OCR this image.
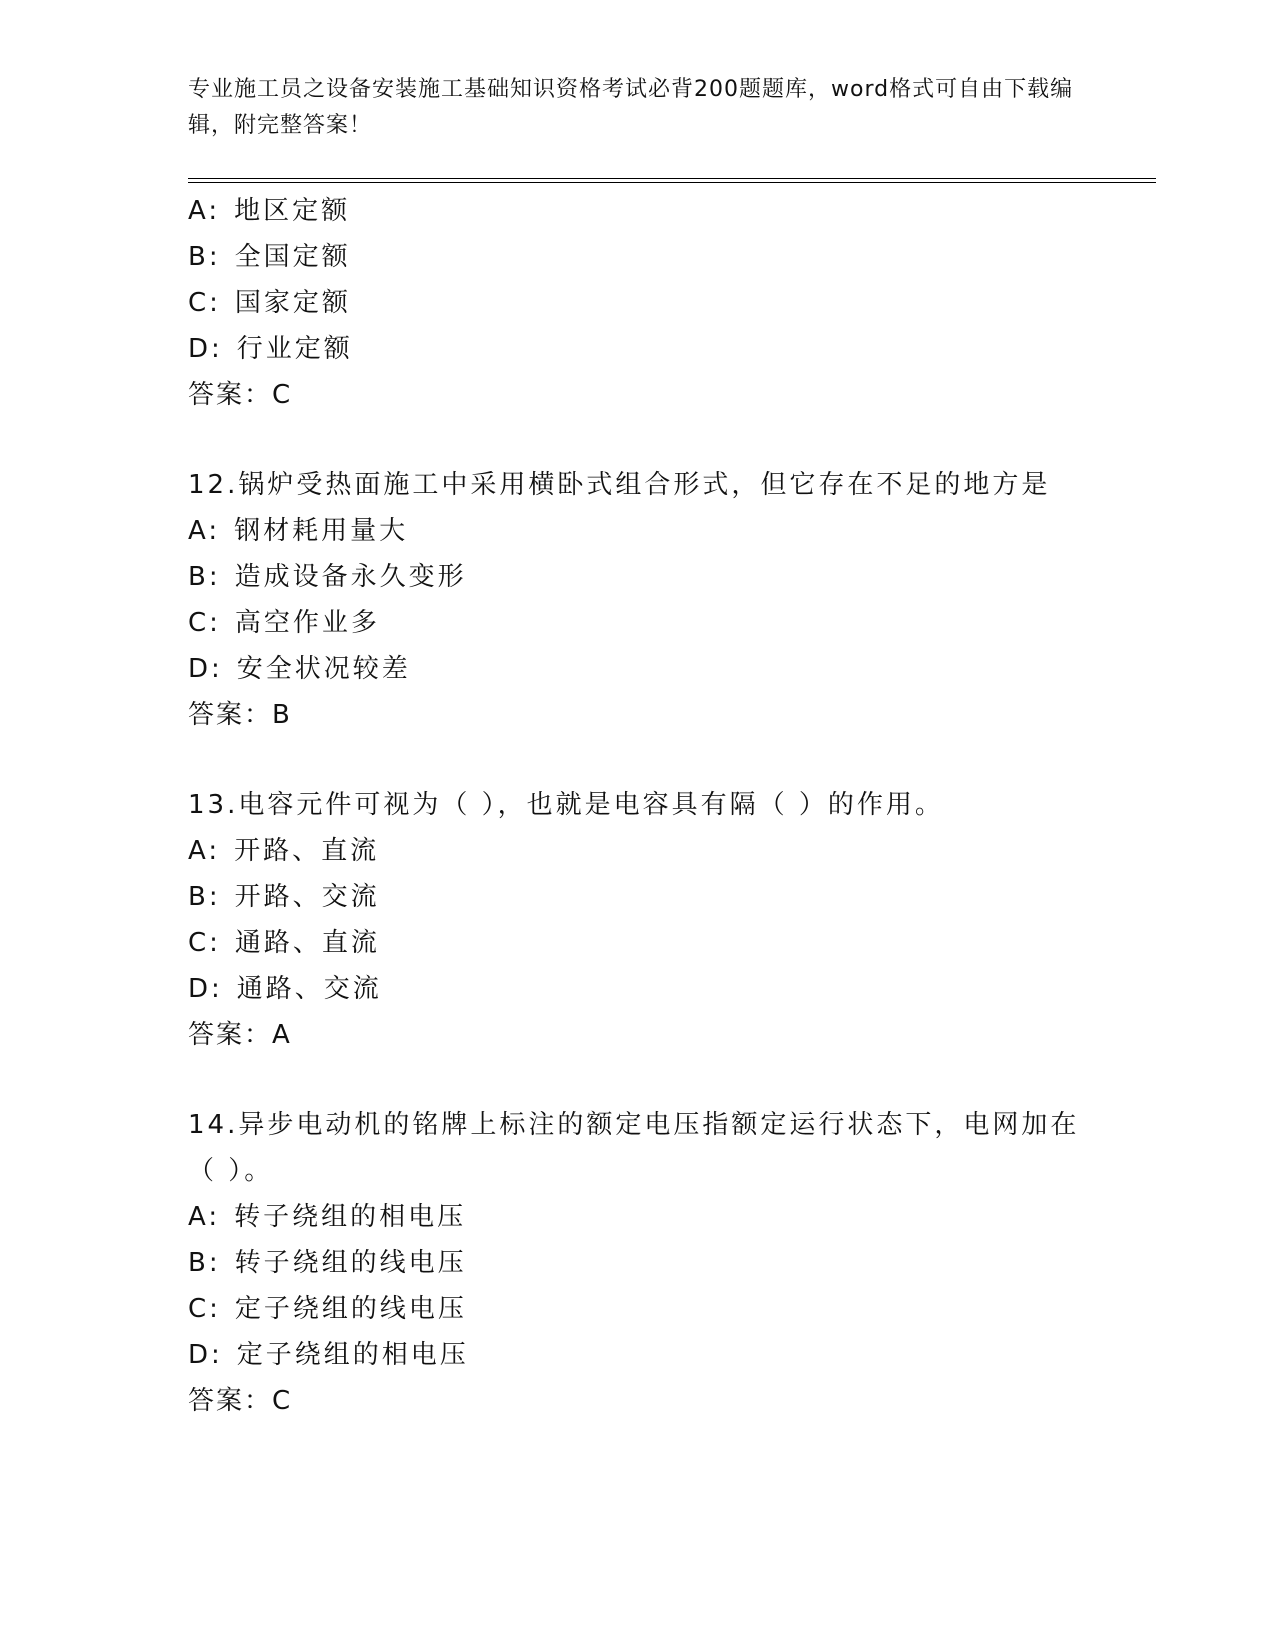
专业施工员之设备安装施工基础知识资格考试必背200题题库，word格式可自由下载编辑，附完整答案！
A: 地区定额
B: 全国定额
C: 国家定额
D: 行业定额
答案：C
12.锅炉受热面施工中采用横卧式组合形式，但它存在不足的地方是
A: 钢材耗用量大
B: 造成设备永久变形
C: 高空作业多
D: 安全状况较差
答案：B
13.电容元件可视为（ ），也就是电容具有隔（ ）的作用。
A: 开路、直流
B: 开路、交流
C: 通路、直流
D: 通路、交流
答案：A
14.异步电动机的铭牌上标注的额定电压指额定运行状态下，电网加在
（ ）。
A: 转子绕组的相电压
B: 转子绕组的线电压
C: 定子绕组的线电压
D: 定子绕组的相电压
答案：C
